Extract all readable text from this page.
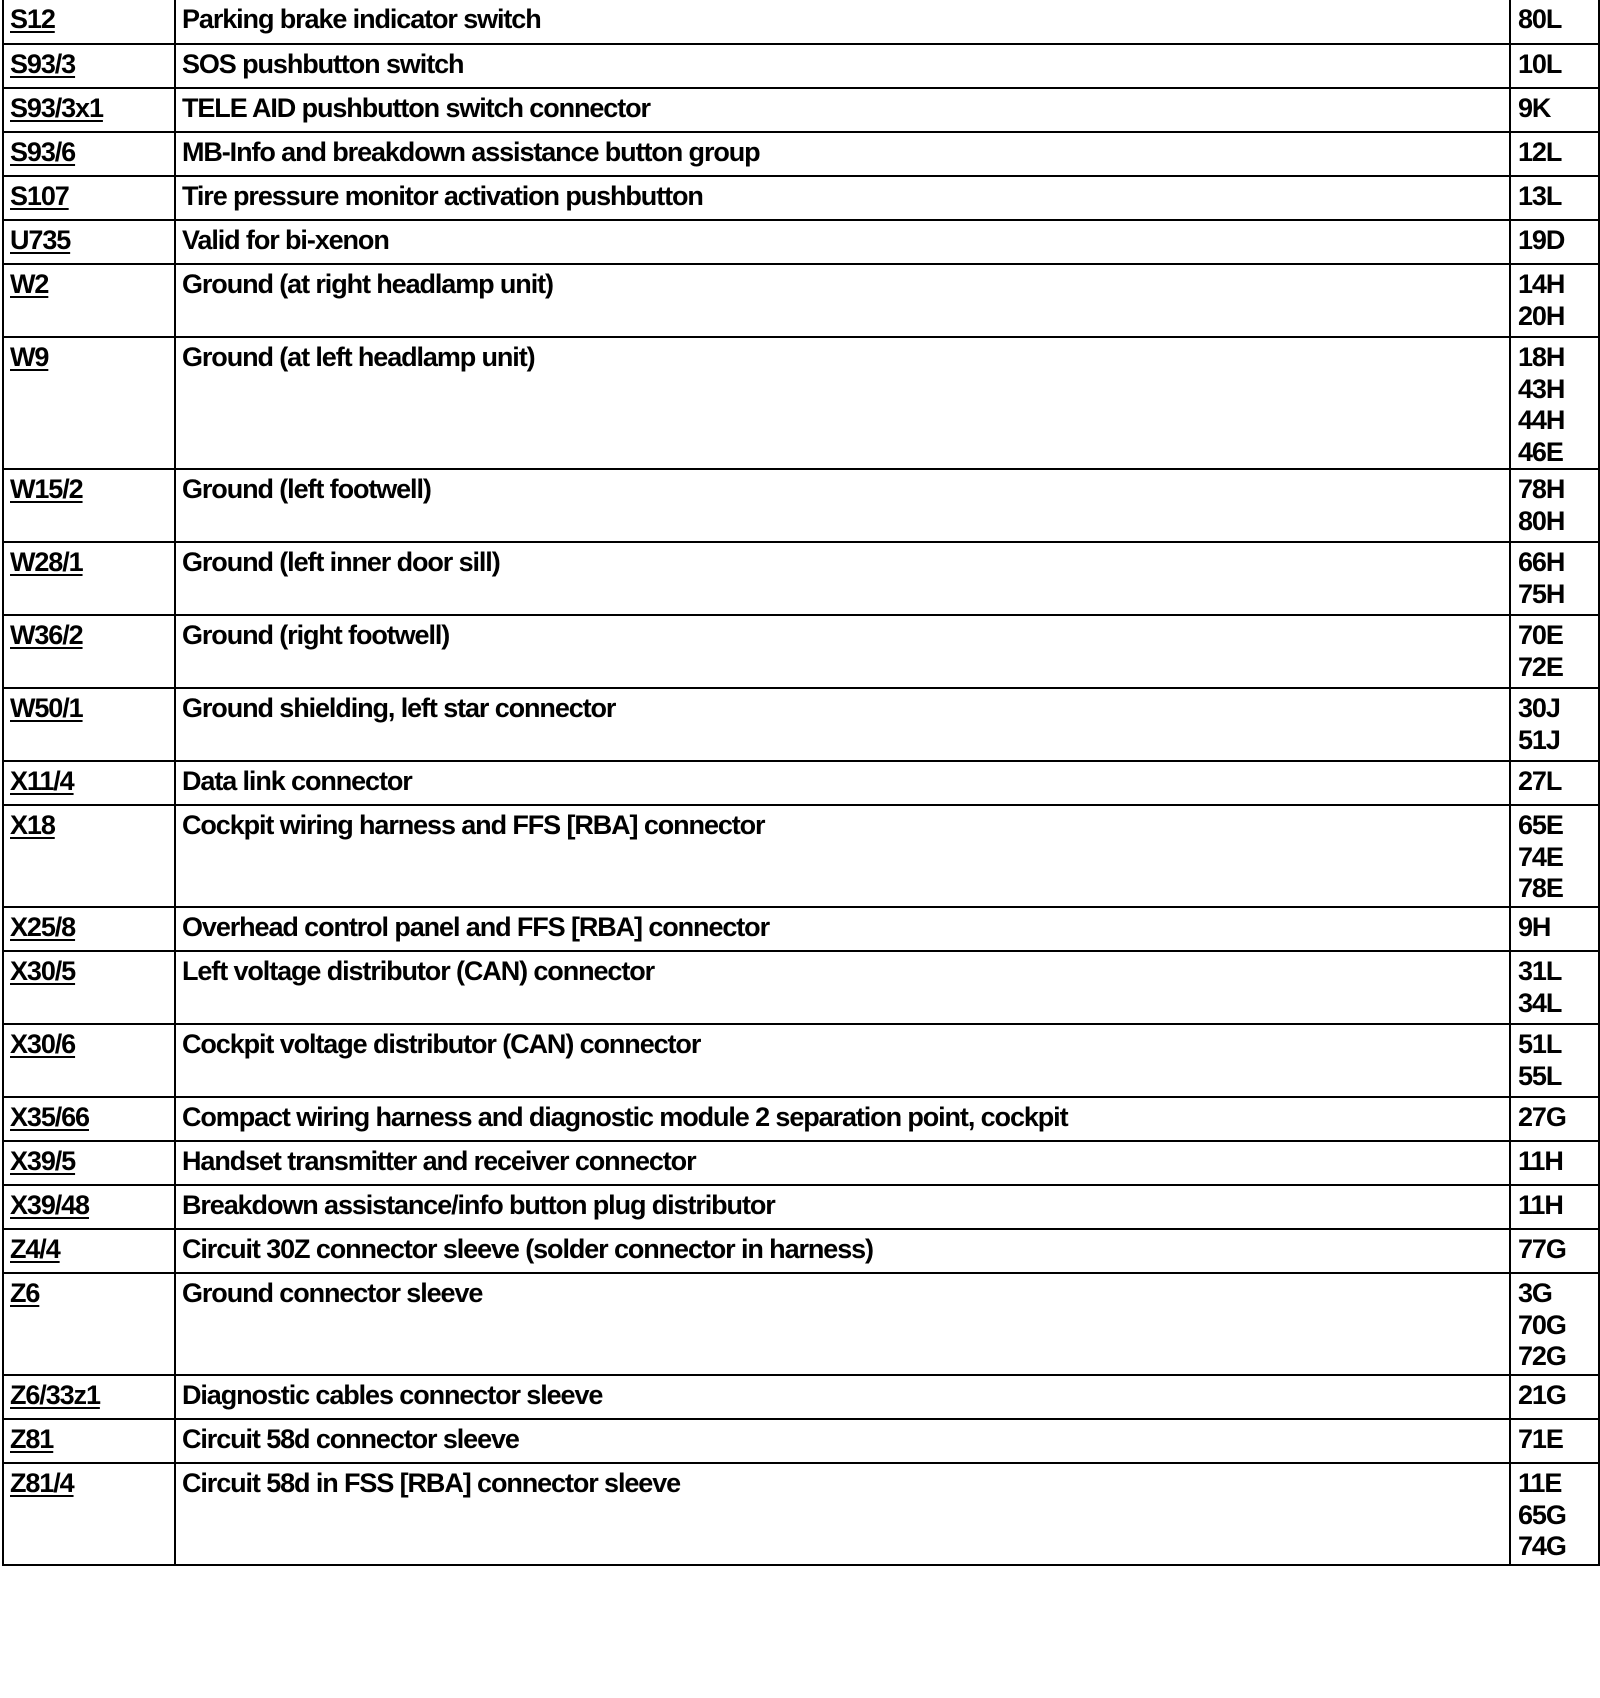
S12	Parking brake indicator switch	80L

S93/3	SOS pushbutton switch	10L

S93/3x1	TELE AID pushbutton switch connector	9K

S93/6	MB-Info and breakdown assistance button group	12L

S107	Tire pressure monitor activation pushbutton	13L

U735	Valid for bi-xenon	19D

W2	Ground (at right headlamp unit)	14H
20H

W9	Ground (at left headlamp unit)	18H
43H
44H
46E

W15/2	Ground (left footwell)	78H
80H

W28/1	Ground (left inner door sill)	66H
75H

W36/2	Ground (right footwell)	70E
72E

W50/1	Ground shielding, left star connector	30J
51J

X11/4	Data link connector	27L

X18	Cockpit wiring harness and FFS [RBA] connector	65E
74E
78E

X25/8	Overhead control panel and FFS [RBA] connector	9H

X30/5	Left voltage distributor (CAN) connector	31L
34L

X30/6	Cockpit voltage distributor (CAN) connector	51L
55L

X35/66	Compact wiring harness and diagnostic module 2 separation point, cockpit	27G

X39/5	Handset transmitter and receiver connector	11H

X39/48	Breakdown assistance/info button plug distributor	11H

Z4/4	Circuit 30Z connector sleeve (solder connector in harness)	77G

Z6	Ground connector sleeve	3G
70G
72G

Z6/33z1	Diagnostic cables connector sleeve	21G

Z81	Circuit 58d connector sleeve	71E

Z81/4	Circuit 58d in FSS [RBA] connector sleeve	11E
65G
74G
